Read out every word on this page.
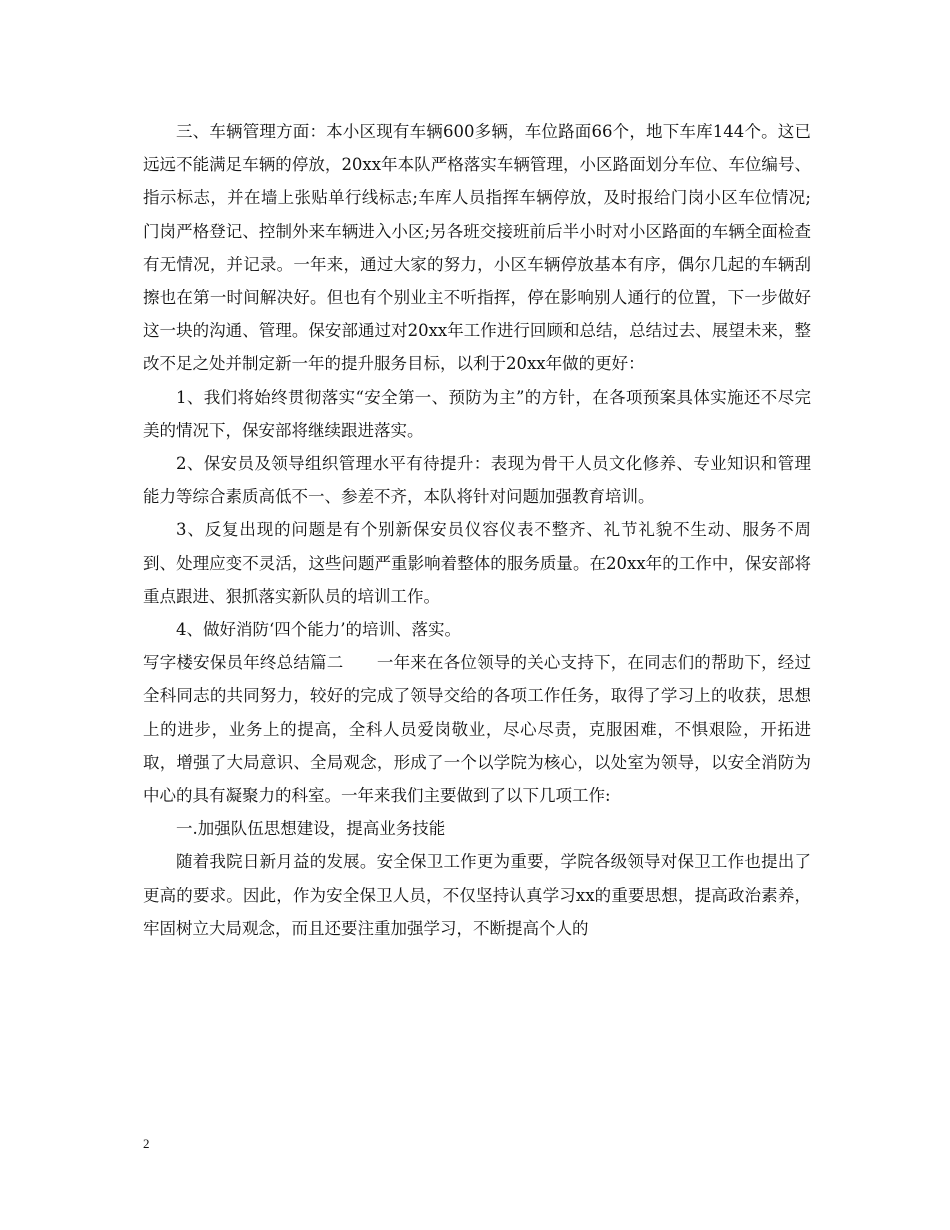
三、车辆管理方面：本小区现有车辆600多辆，车位路面66个，地下车库144个。这已远远不能满足车辆的停放，20xx年本队严格落实车辆管理，小区路面划分车位、车位编号、指示标志，并在墙上张贴单行线标志;车库人员指挥车辆停放，及时报给门岗小区车位情况;门岗严格登记、控制外来车辆进入小区;另各班交接班前后半小时对小区路面的车辆全面检查有无情况，并记录。一年来，通过大家的努力，小区车辆停放基本有序，偶尔几起的车辆刮擦也在第一时间解决好。但也有个别业主不听指挥，停在影响别人通行的位置，下一步做好这一块的沟通、管理。保安部通过对20xx年工作进行回顾和总结，总结过去、展望未来，整改不足之处并制定新一年的提升服务目标，以利于20xx年做的更好：

1、我们将始终贯彻落实“安全第一、预防为主”的方针，在各项预案具体实施还不尽完美的情况下，保安部将继续跟进落实。

2、保安员及领导组织管理水平有待提升：表现为骨干人员文化修养、专业知识和管理能力等综合素质高低不一、参差不齐，本队将针对问题加强教育培训。

3、反复出现的问题是有个别新保安员仪容仪表不整齐、礼节礼貌不生动、服务不周到、处理应变不灵活，这些问题严重影响着整体的服务质量。在20xx年的工作中，保安部将重点跟进、狠抓落实新队员的培训工作。

4、做好消防‘四个能力’的培训、落实。

写字楼安保员年终总结篇二　　一年来在各位领导的关心支持下，在同志们的帮助下，经过全科同志的共同努力，较好的完成了领导交给的各项工作任务，取得了学习上的收获，思想上的进步，业务上的提高，全科人员爱岗敬业，尽心尽责，克服困难，不惧艰险，开拓进取，增强了大局意识、全局观念，形成了一个以学院为核心，以处室为领导，以安全消防为中心的具有凝聚力的科室。一年来我们主要做到了以下几项工作:

一.加强队伍思想建设，提高业务技能

随着我院日新月益的发展。安全保卫工作更为重要，学院各级领导对保卫工作也提出了更高的要求。因此，作为安全保卫人员，不仅坚持认真学习xx的重要思想，提高政治素养，牢固树立大局观念，而且还要注重加强学习，不断提高个人的

2
